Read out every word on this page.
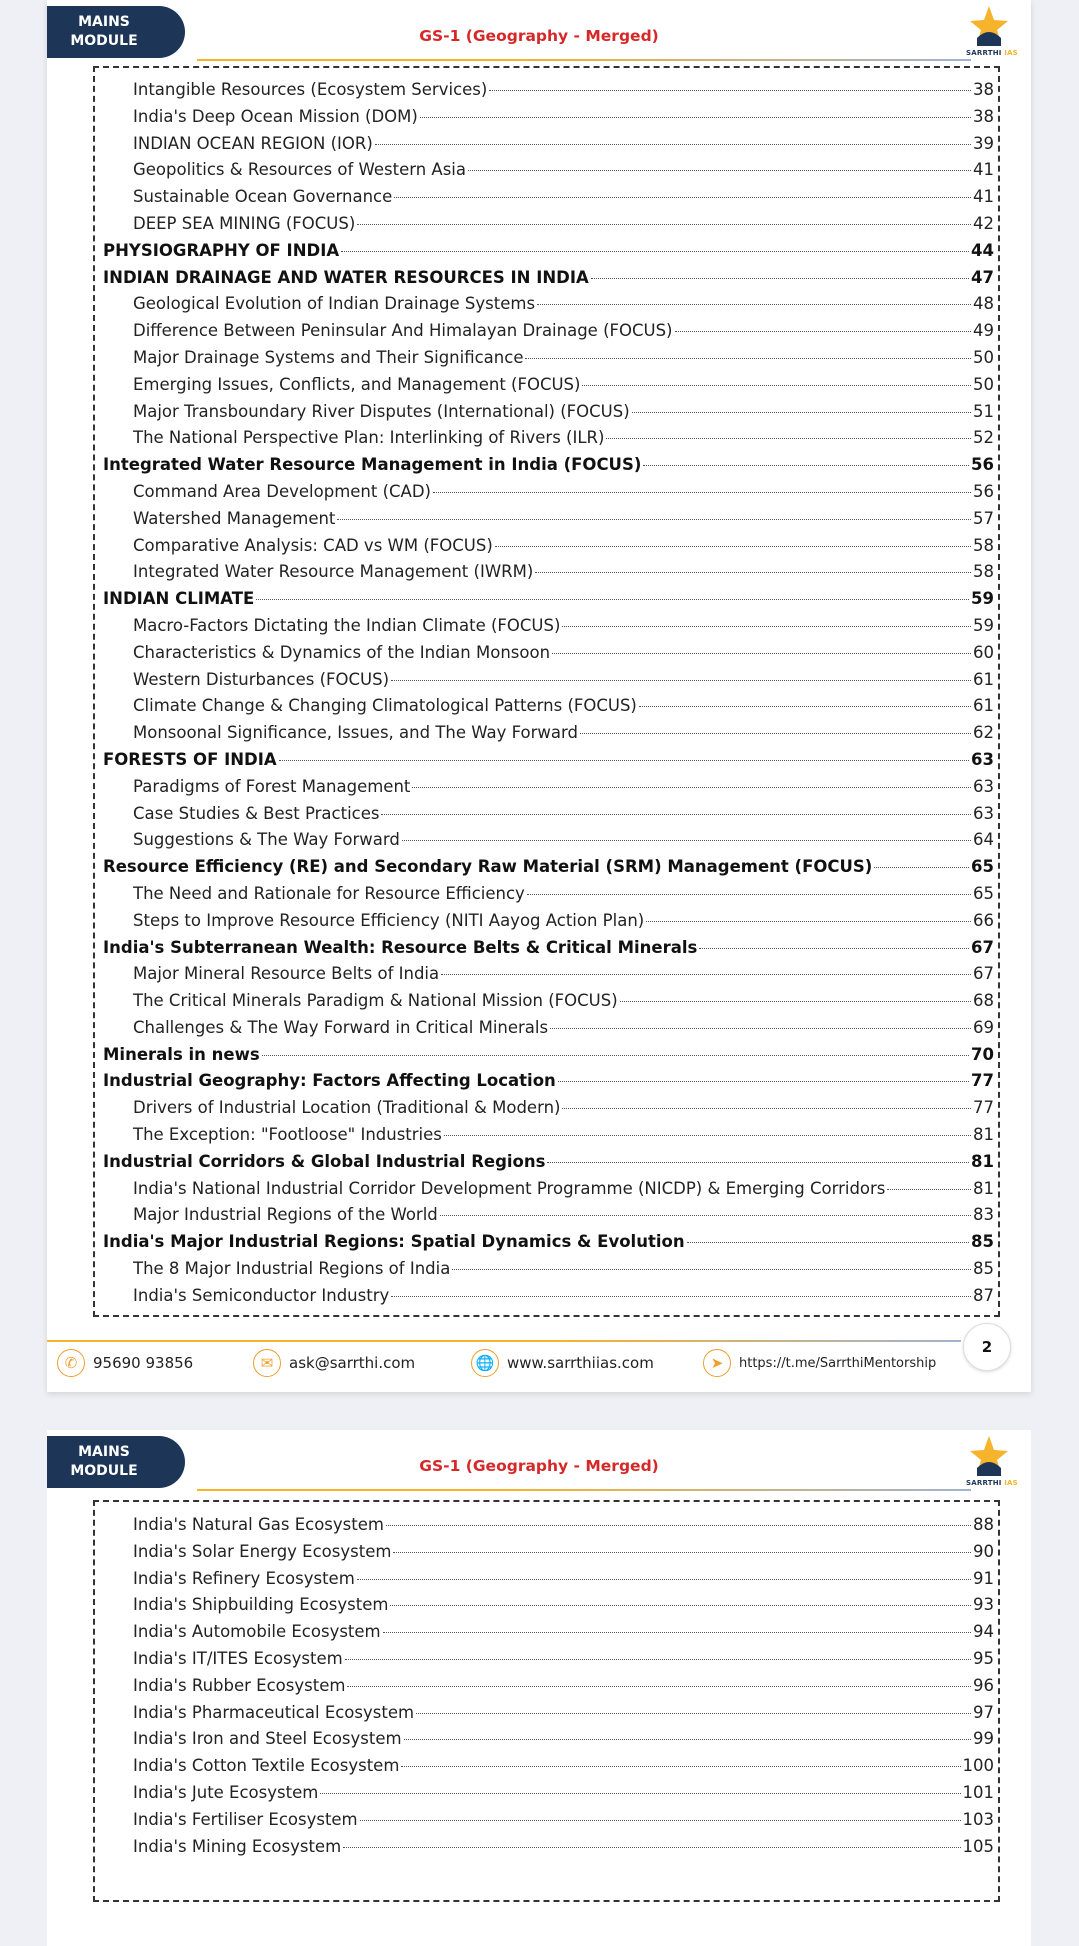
MAINS
MODULE	GS-1 (Geography - Merged)
SARRTHI IAS
Intangible Resources (Ecosystem Services)	38
India's Deep Ocean Mission (DOM)	38
INDIAN OCEAN REGION (IOR)	39
Geopolitics & Resources of Western Asia	41
Sustainable Ocean Governance	41
DEEP SEA MINING (FOCUS)	42
PHYSIOGRAPHY OF INDIA	44
INDIAN DRAINAGE AND WATER RESOURCES IN INDIA	47
Geological Evolution of Indian Drainage Systems	48
Difference Between Peninsular And Himalayan Drainage (FOCUS)	49
Major Drainage Systems and Their Significance	50
Emerging Issues, Conflicts, and Management (FOCUS)	50
Major Transboundary River Disputes (International) (FOCUS)	51
The National Perspective Plan: Interlinking of Rivers (ILR)	52
Integrated Water Resource Management in India (FOCUS)	56
Command Area Development (CAD)	56
Watershed Management	57
Comparative Analysis: CAD vs WM (FOCUS)	58
Integrated Water Resource Management (IWRM)	58
INDIAN CLIMATE	59
Macro-Factors Dictating the Indian Climate (FOCUS)	59
Characteristics & Dynamics of the Indian Monsoon	60
Western Disturbances (FOCUS)	61
Climate Change & Changing Climatological Patterns (FOCUS)	61
Monsoonal Significance, Issues, and The Way Forward	62
FORESTS OF INDIA	63
Paradigms of Forest Management	63
Case Studies & Best Practices	63
Suggestions & The Way Forward	64
Resource Efficiency (RE) and Secondary Raw Material (SRM) Management (FOCUS)	65
The Need and Rationale for Resource Efficiency	65
Steps to Improve Resource Efficiency (NITI Aayog Action Plan)	66
India's Subterranean Wealth: Resource Belts & Critical Minerals	67
Major Mineral Resource Belts of India	67
The Critical Minerals Paradigm & National Mission (FOCUS)	68
Challenges & The Way Forward in Critical Minerals	69
Minerals in news	70
Industrial Geography: Factors Affecting Location	77
Drivers of Industrial Location (Traditional & Modern)	77
The Exception: "Footloose" Industries	81
Industrial Corridors & Global Industrial Regions	81
India's National Industrial Corridor Development Programme (NICDP) & Emerging Corridors	81
Major Industrial Regions of the World	83
India's Major Industrial Regions: Spatial Dynamics & Evolution	85
The 8 Major Industrial Regions of India	85
India's Semiconductor Industry	87
✆	95690 93856	✉	ask@sarrthi.com	🌐 www.sarrthiias.com	➤	https://t.me/SarrthiMentorship
2
MAINS
MODULE	GS-1 (Geography - Merged)
SARRTHI IAS
India's Natural Gas Ecosystem	88
India's Solar Energy Ecosystem	90
India's Refinery Ecosystem	91
India's Shipbuilding Ecosystem	93
India's Automobile Ecosystem	94
India's IT/ITES Ecosystem	95
India's Rubber Ecosystem	96
India's Pharmaceutical Ecosystem	97
India's Iron and Steel Ecosystem	99
India's Cotton Textile Ecosystem	100
India's Jute Ecosystem	101
India's Fertiliser Ecosystem	103
India's Mining Ecosystem	105
